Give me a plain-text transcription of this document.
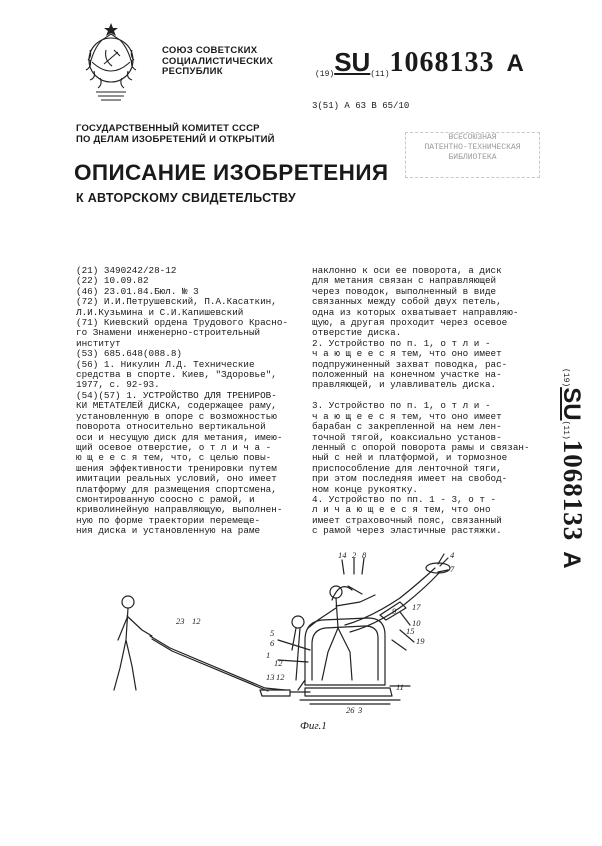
СОЮЗ СОВЕТСКИХ
СОЦИАЛИСТИЧЕСКИХ
РЕСПУБЛИК	(19)SU(11)1068133 A
3(51) А 63 В 65/10
ВСЕСОЮЗНАЯ
ПАТЕНТНО-ТЕХНИЧЕСКАЯ
БИБЛИОТЕКА
ГОСУДАРСТВЕННЫЙ КОМИТЕТ СССР
ПО ДЕЛАМ ИЗОБРЕТЕНИЙ И ОТКРЫТИЙ
ОПИСАНИЕ ИЗОБРЕТЕНИЯ
К АВТОРСКОМУ СВИДЕТЕЛЬСТВУ
(21) 3490242/28-12
(22) 10.09.82
(46) 23.01.84.Бюл. № 3
(72) И.И.Петрушевский, П.А.Касаткин,
Л.И.Кузьмина и С.И.Капишевский
(71) Киевский ордена Трудового Красно-
го Знамени инженерно-строительный
институт
(53) 685.648(088.8)
(56) 1. Никулин Л.Д. Технические
средства в спорте. Киев, "Здоровье",
1977, с. 92-93.
(54)(57) 1. УСТРОЙСТВО ДЛЯ ТРЕНИРОВ-
КИ МЕТАТЕЛЕЙ ДИСКА, содержащее раму,
установленную в опоре с возможностью
поворота относительно вертикальной
оси и несущую диск для метания, имею-
щий осевое отверстие, о т л и ч а -
ю щ е е с я тем, что, с целью повы-
шения эффективности тренировки путем
имитации реальных условий, оно имеет
платформу для размещения спортсмена,
смонтированную соосно с рамой, и
криволинейную направляющую, выполнен-
ную по форме траектории перемеще-
ния диска и установленную на раме
наклонно к оси ее поворота, а диск
для метания связан с направляющей
через поводок, выполненный в виде
связанных между собой двух петель,
одна из которых охватывает направляю-
щую, а другая проходит через осевое
отверстие диска.
2. Устройство по п. 1, о т л и -
ч а ю щ е е с я тем, что оно имеет
подпружиненный захват поводка, рас-
положенный на конечном участке на-
правляющей, и улавливатель диска.

3. Устройство по п. 1, о т л и -
ч а ю щ е е с я тем, что оно имеет
барабан с закрепленной на нем лен-
точной тягой, коаксиально установ-
ленный с опорой поворота рамы и связан-
ный с ней и платформой, и тормозное
приспособление для ленточной тяги,
при этом последняя имеет на свобод-
ном конце рукоятку.
4. Устройство по пп. 1 - 3, о т -
л и ч а ю щ е е с я тем, что оно
имеет страховочный пояс, связанный
с рамой через эластичные растяжки.
(19)SU(11)1068133A
14 2 8	4
7
10
9 17
19
15
5
6
1
12
13 12
11
26 3
23 12
Фиг.1
